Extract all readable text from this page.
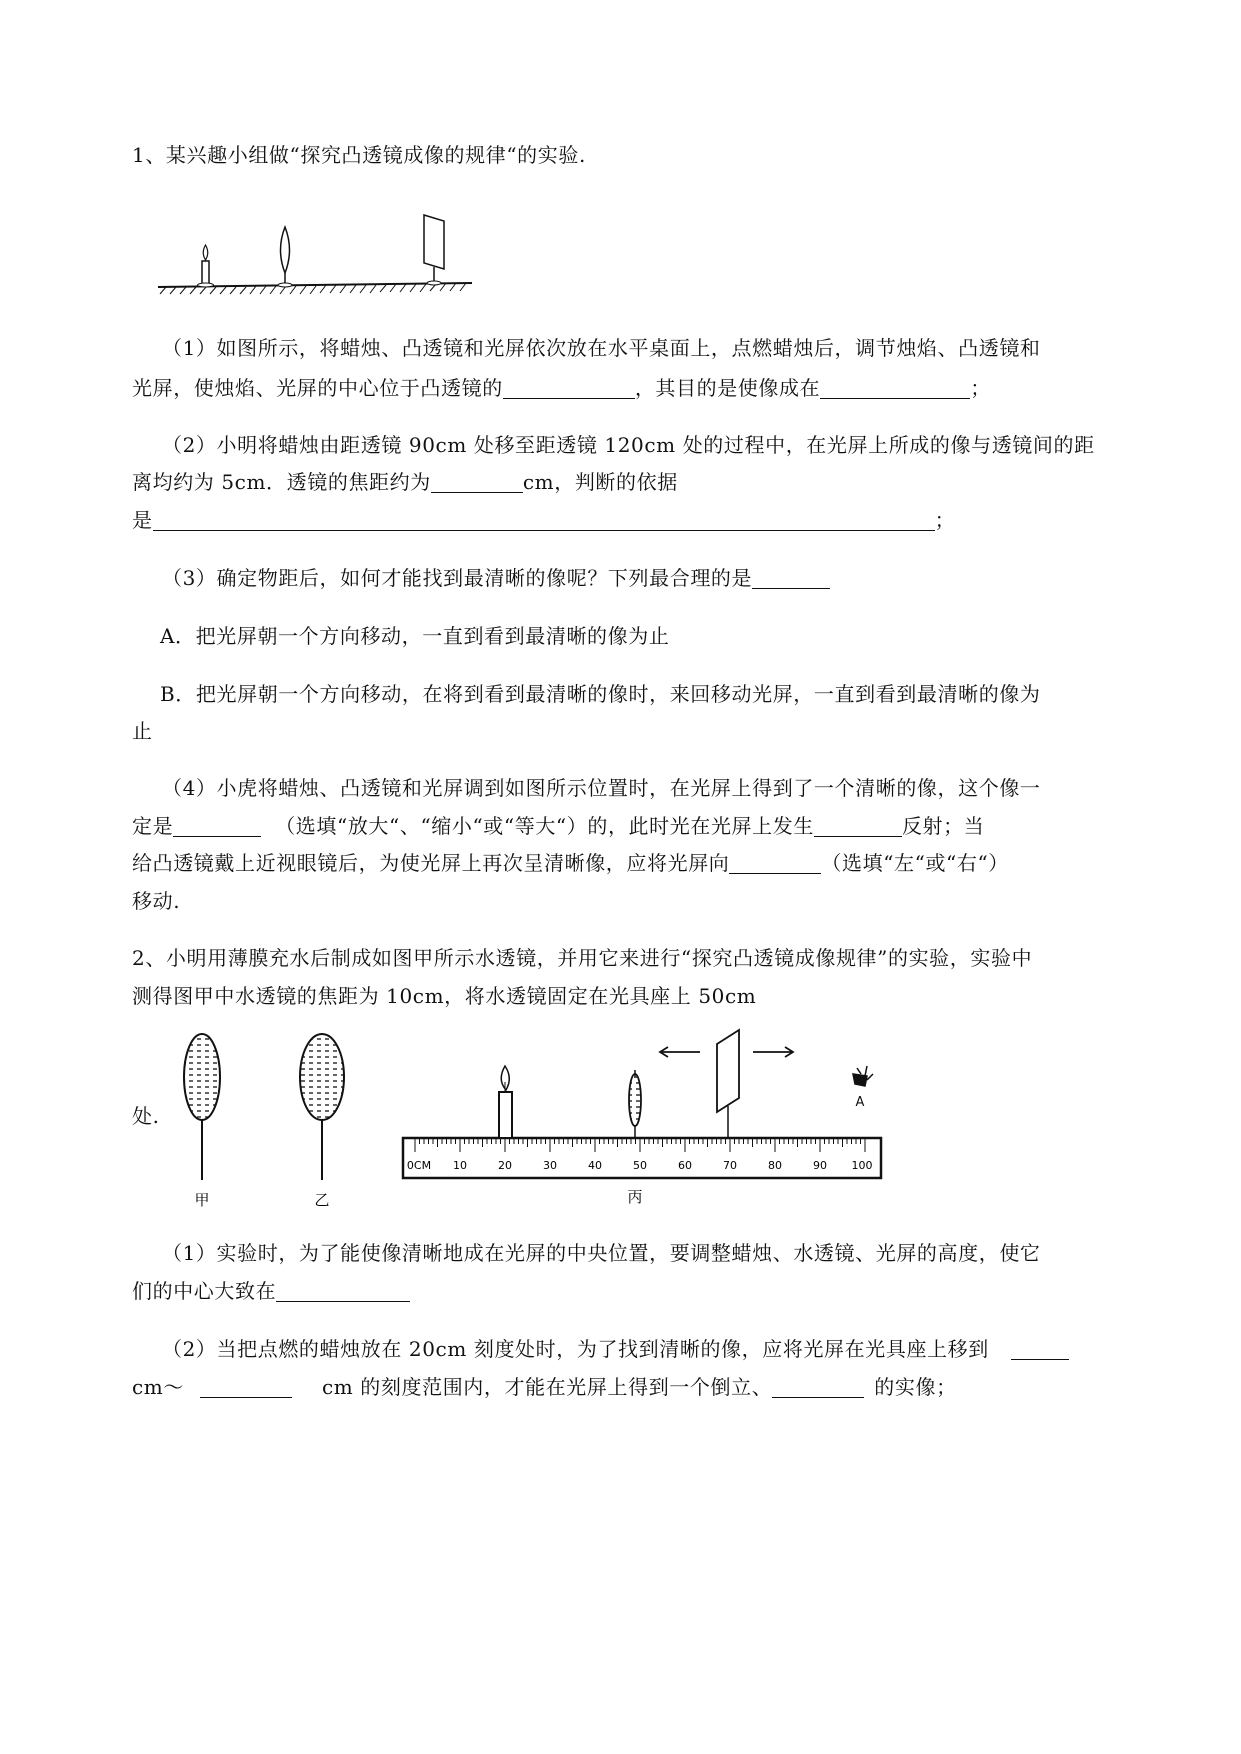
1、某兴趣小组做“探究凸透镜成像的规律“的实验.
（1）如图所示，将蜡烛、凸透镜和光屏依次放在水平桌面上，点燃蜡烛后，调节烛焰、凸透镜和
光屏，使烛焰、光屏的中心位于凸透镜的	，其目的是使像成在	；
（2）小明将蜡烛由距透镜 90cm 处移至距透镜 120cm 处的过程中，在光屏上所成的像与透镜间的距
离均约为 5cm．透镜的焦距约为	cm，判断的依据
是	；
（3）确定物距后，如何才能找到最清晰的像呢？下列最合理的是
A．把光屏朝一个方向移动，一直到看到最清晰的像为止
B．把光屏朝一个方向移动，在将到看到最清晰的像时，来回移动光屏，一直到看到最清晰的像为
止
（4）小虎将蜡烛、凸透镜和光屏调到如图所示位置时，在光屏上得到了一个清晰的像，这个像一
定是	（选填“放大“、“缩小“或“等大“）的，此时光在光屏上发生	反射；当
给凸透镜戴上近视眼镜后，为使光屏上再次呈清晰像，应将光屏向	（选填“左“或“右“）
移动.
2、小明用薄膜充水后制成如图甲所示水透镜，并用它来进行“探究凸透镜成像规律”的实验，实验中
测得图甲中水透镜的焦距为 10cm，将水透镜固定在光具座上 50cm
甲	乙
处.
0CM 10	20	30	40	50	60	70	80	90 100
A
丙
（1）实验时，为了能使像清晰地成在光屏的中央位置，要调整蜡烛、水透镜、光屏的高度，使它
们的中心大致在
（2）当把点燃的蜡烛放在 20cm 刻度处时，为了找到清晰的像，应将光屏在光具座上移到
cm～	cm 的刻度范围内，才能在光屏上得到一个倒立、	的实像；
